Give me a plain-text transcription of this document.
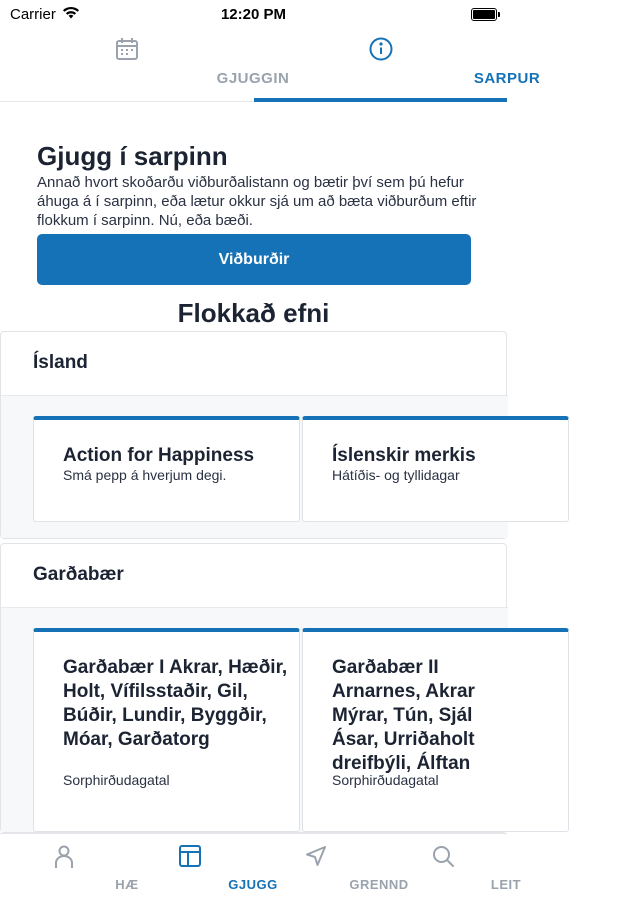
Carrier	12:20 PM
GJUGGIN	SARPUR
Gjugg í sarpinn

Annað hvort skoðarðu viðburðalistann og bætir því sem þú hefur áhuga á í sarpinn, eða lætur okkur sjá um að bæta viðburðum eftir flokkum í sarpinn. Nú, eða bæði.

Viðburðir
Flokkað efni
Ísland
Action for Happiness
Smá pepp á hverjum degi.
Íslenskir merkis
Hátíðis- og tyllidagar
Garðabær
Garðabær I Akrar, Hæðir, Holt, Vífilsstaðir, Gil, Búðir, Lundir, Byggðir, Móar, Garðatorg
Sorphirðudagatal
Garðabær II
Arnarnes, Akrar
Mýrar, Tún, Sjál
Ásar, Urriðaholt
dreifbýli, Álftan
Sorphirðudagatal
HÆ	GJUGG	GRENND	LEIT
